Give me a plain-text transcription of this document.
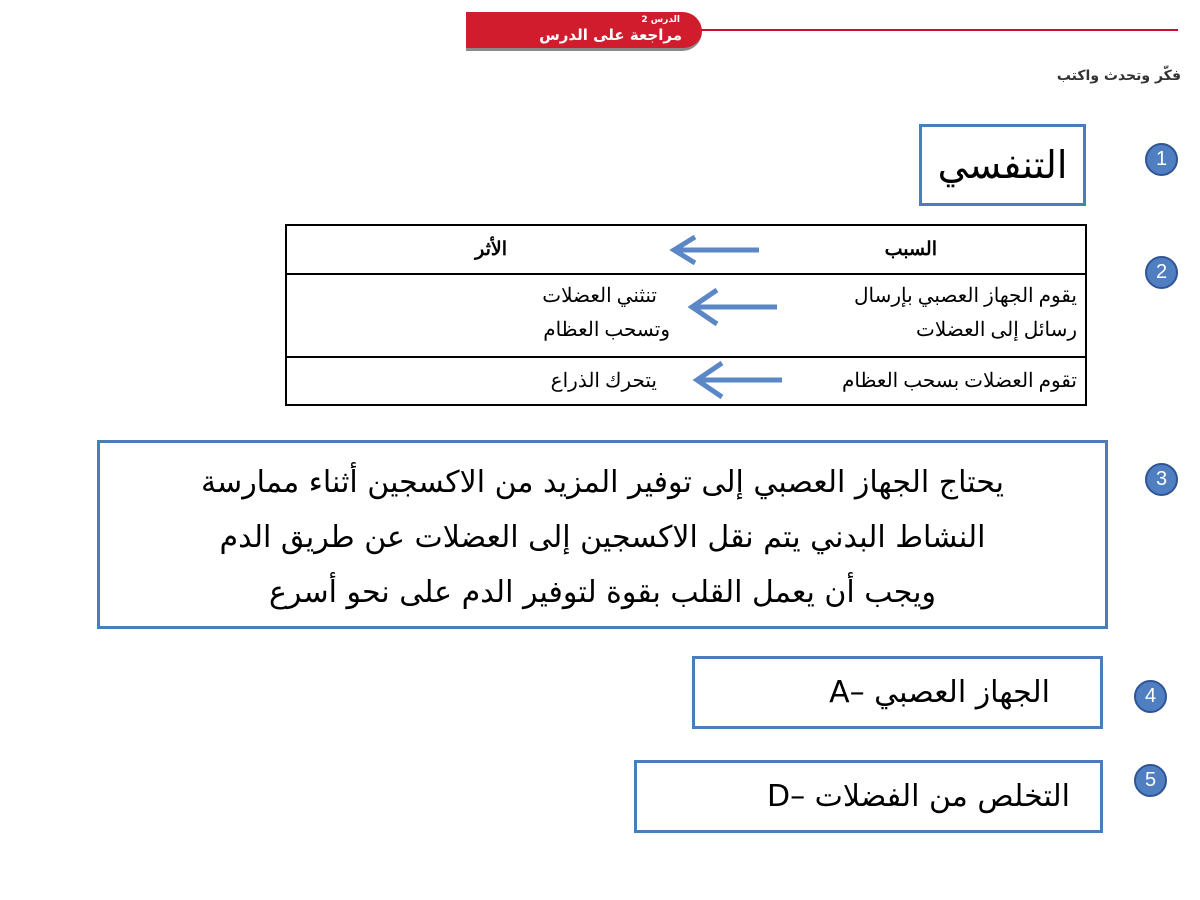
الدرس 2
مراجعة على الدرس
فكّر وتحدث واكتب
1
التنفسي
2
السبب
الأثر
يقوم الجهاز العصبي بإرسال
رسائل إلى العضلات
تنثني العضلات
وتسحب العظام
تقوم العضلات بسحب العظام
يتحرك الذراع
3
يحتاج الجهاز العصبي إلى توفير المزيد من الاكسجين أثناء ممارسة
النشاط البدني يتم نقل الاكسجين إلى العضلات عن طريق الدم
ويجب أن يعمل القلب بقوة لتوفير الدم على نحو أسرع
4
A– الجهاز العصبي
5
D– التخلص من الفضلات
